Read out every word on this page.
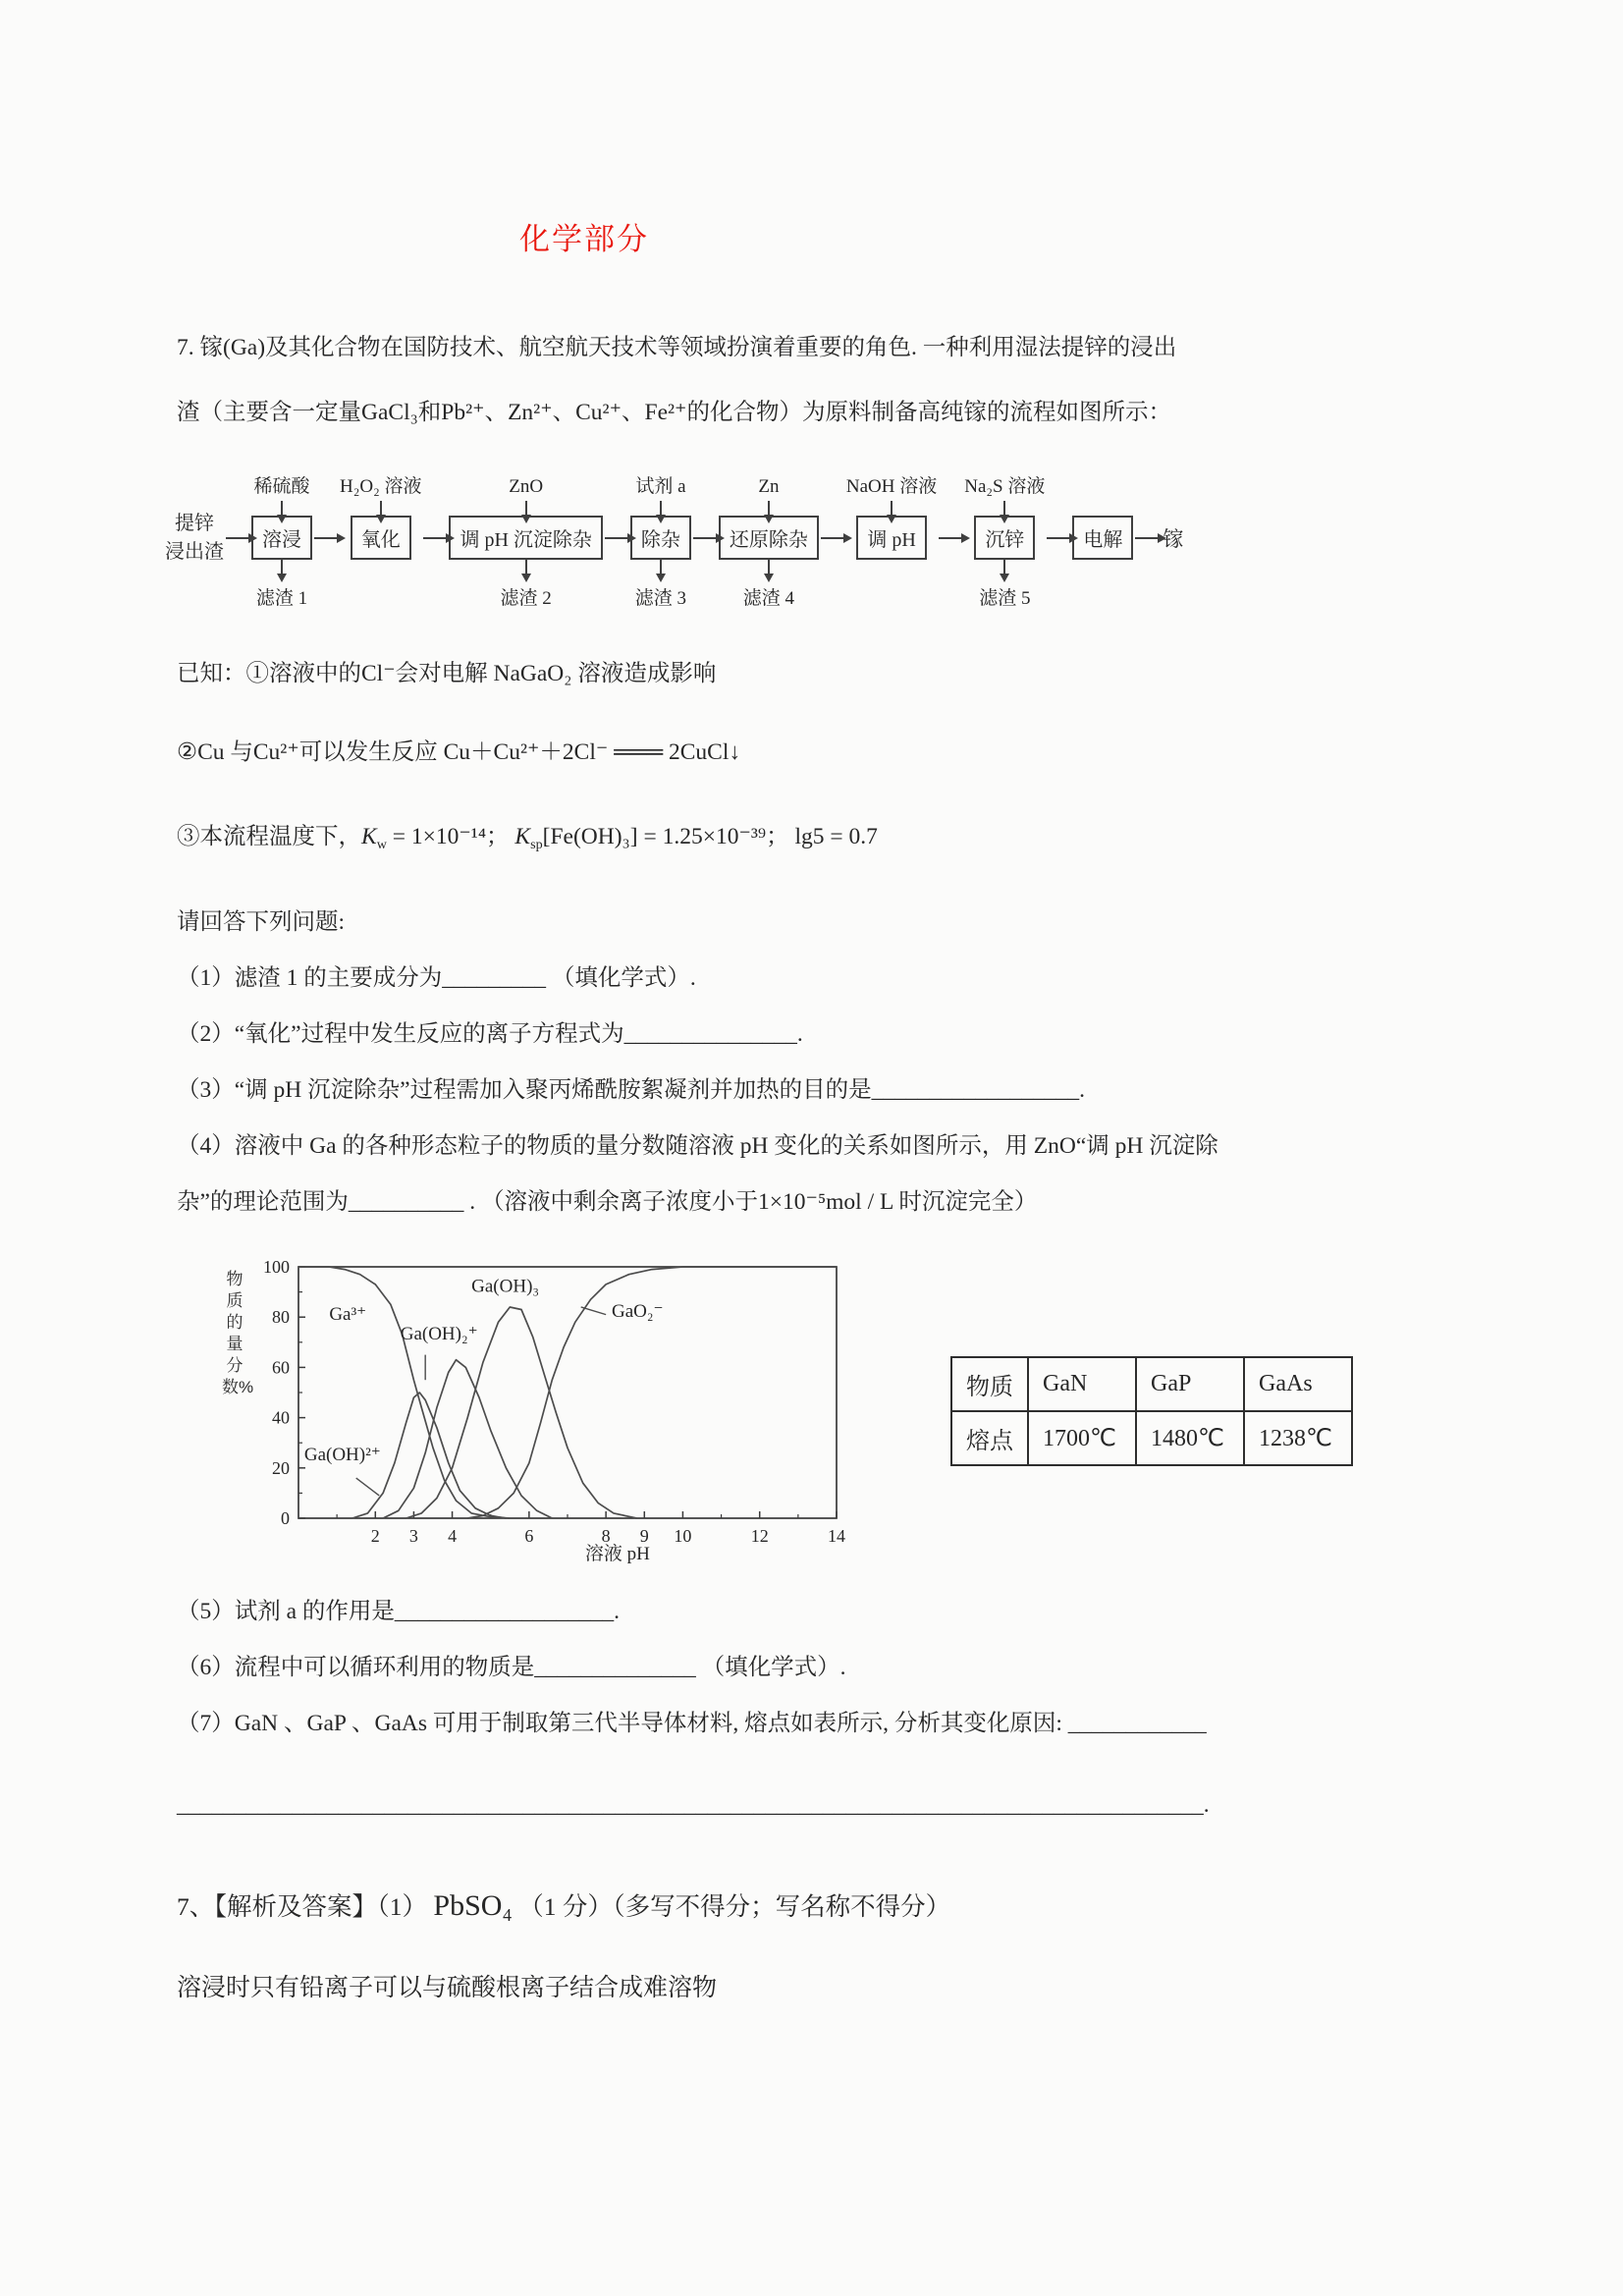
化学部分

7. 镓(Ga)及其化合物在国防技术、航空航天技术等领域扮演着重要的角色. 一种利用湿法提锌的浸出

渣（主要含一定量GaCl₃和Pb²⁺、Zn²⁺、Cu²⁺、Fe²⁺的化合物）为原料制备高纯镓的流程如图所示：

提锌
浸出渣
稀硫酸
溶浸
滤渣 1
H₂O₂ 溶液
氧化
ZnO
调 pH 沉淀除杂
滤渣 2
试剂 a
除杂
滤渣 3
Zn
还原除杂
滤渣 4
NaOH 溶液
调 pH
Na₂S 溶液
沉锌
滤渣 5
电解	镓

已知：①溶液中的Cl⁻会对电解 NaGaO₂ 溶液造成影响

②Cu 与Cu²⁺可以发生反应 Cu＋Cu²⁺＋2Cl⁻ ═══ 2CuCl↓

③本流程温度下，$K_w = 1\times 10^{-14}$； $K_{sp}[Fe(OH)_3] = 1.25\times 10^{-39}$； lg5 = 0.7

请回答下列问题:

（1）滤渣 1 的主要成分为_________ （填化学式）.

（2）“氧化”过程中发生反应的离子方程式为_______________.

（3）“调 pH 沉淀除杂”过程需加入聚丙烯酰胺絮凝剂并加热的目的是__________________.

（4）溶液中 Ga 的各种形态粒子的物质的量分数随溶液 pH 变化的关系如图所示，用 ZnO“调 pH 沉淀除

杂”的理论范围为__________ . （溶液中剩余离子浓度小于1×10⁻⁵mol / L 时沉淀完全）

物质的量分数%
0
20
40
60
80
100
2 3 4	6	8 9 10	12	14
Ga³⁺
Ga(OH)²⁺
Ga(OH)₂⁺
Ga(OH)₃
GaO₂⁻
溶液 pH
物质	GaN	GaP	GaAs
熔点	1700℃	1480℃	1238℃

（5）试剂 a 的作用是___________________.

（6）流程中可以循环利用的物质是______________ （填化学式）.

（7）GaN 、GaP 、GaAs 可用于制取第三代半导体材料, 熔点如表所示, 分析其变化原因: ____________

_________________________________________________________________________________________.

7、【解析及答案】（1） PbSO₄ （1 分）（多写不得分；写名称不得分）

溶浸时只有铅离子可以与硫酸根离子结合成难溶物
